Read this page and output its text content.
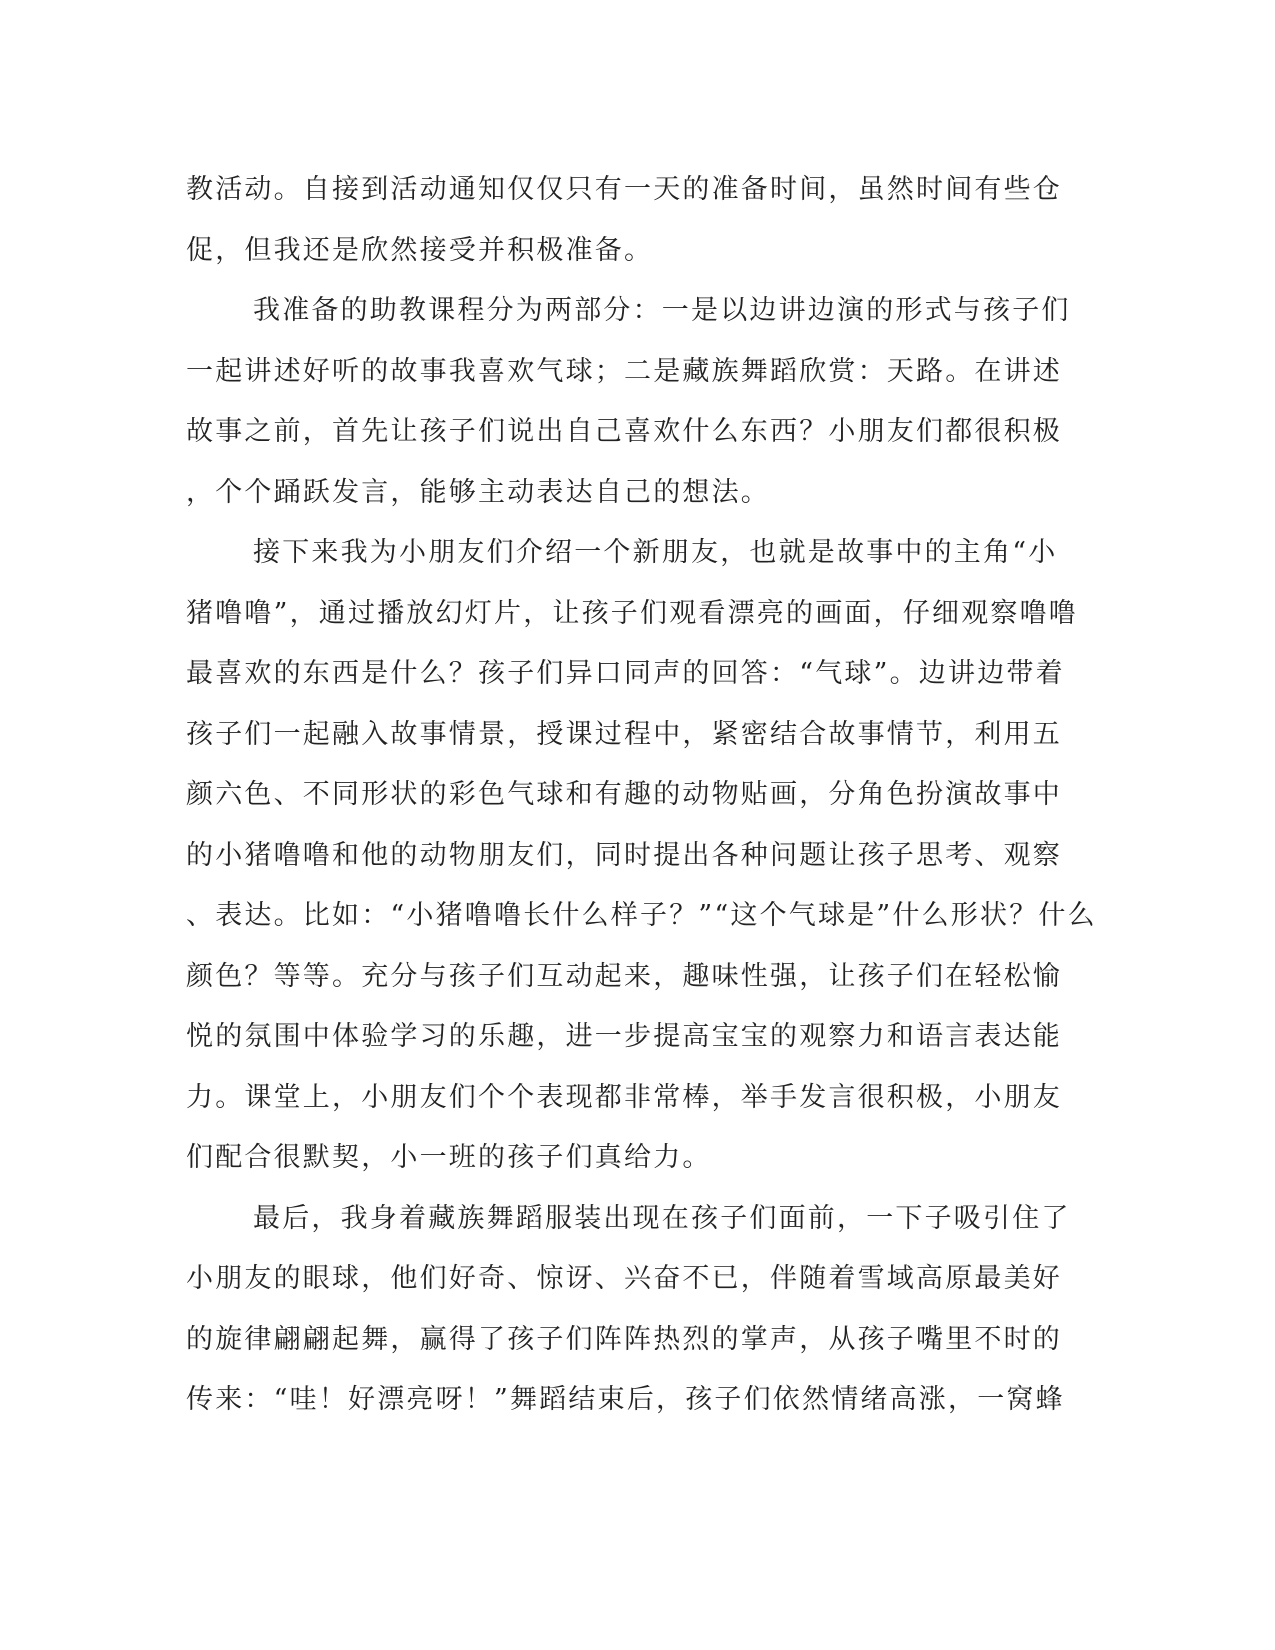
教活动。自接到活动通知仅仅只有一天的准备时间，虽然时间有些仓
促，但我还是欣然接受并积极准备。
我准备的助教课程分为两部分：一是以边讲边演的形式与孩子们
一起讲述好听的故事我喜欢气球；二是藏族舞蹈欣赏：天路。在讲述
故事之前，首先让孩子们说出自己喜欢什么东西？小朋友们都很积极
，个个踊跃发言，能够主动表达自己的想法。
接下来我为小朋友们介绍一个新朋友，也就是故事中的主角“小
猪噜噜”，通过播放幻灯片，让孩子们观看漂亮的画面，仔细观察噜噜
最喜欢的东西是什么？孩子们异口同声的回答：“气球”。边讲边带着
孩子们一起融入故事情景，授课过程中，紧密结合故事情节，利用五
颜六色、不同形状的彩色气球和有趣的动物贴画，分角色扮演故事中
的小猪噜噜和他的动物朋友们，同时提出各种问题让孩子思考、观察
、表达。比如：“小猪噜噜长什么样子？”“这个气球是”什么形状？什么
颜色？等等。充分与孩子们互动起来，趣味性强，让孩子们在轻松愉
悦的氛围中体验学习的乐趣，进一步提高宝宝的观察力和语言表达能
力。课堂上，小朋友们个个表现都非常棒，举手发言很积极，小朋友
们配合很默契，小一班的孩子们真给力。
最后，我身着藏族舞蹈服装出现在孩子们面前，一下子吸引住了
小朋友的眼球，他们好奇、惊讶、兴奋不已，伴随着雪域高原最美好
的旋律翩翩起舞，赢得了孩子们阵阵热烈的掌声，从孩子嘴里不时的
传来：“哇！好漂亮呀！”舞蹈结束后，孩子们依然情绪高涨，一窝蜂
